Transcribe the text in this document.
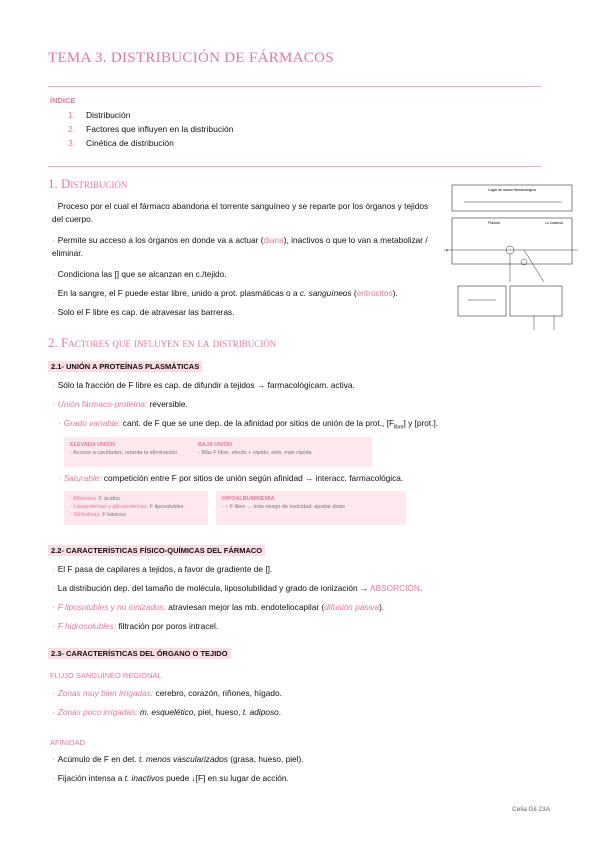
TEMA 3. DISTRIBUCIÓN DE FÁRMACOS
ÍNDICE
1. Distribución
2. Factores que influyen en la distribución
3. Cinética de distribución
1. Distribución
· Proceso por el cual el fármaco abandona el torrente sanguíneo y se reparte por los órganos y tejidos del cuerpo.
· Permite su acceso a los órganos en donde va a actuar (diana), inactivos o que lo van a metabolizar / eliminar.
· Condiciona las [] que se alcanzan en c./tejido.
· En la sangre, el F puede estar libre, unido a prot. plasmáticas o a c. sanguíneos (eritrocitos).
· Solo el F libre es cap. de atravesar las barreras.
Lugar de acción farmacológica
Plasma	Lu. Inactivos
F
2. Factores que influyen en la distribución
2.1- UNIÓN A PROTEÍNAS PLASMÁTICAS
· Sólo la fracción de F libre es cap. de difundir a tejidos → farmacológicam. activa.
· Unión fármaco-proteína: reversible.
· Grado variable: cant. de F que se une dep. de la afinidad por sitios de unión de la prot., $[F_{libre}]$ y [prot.].
ELEVADA UNIÓN
- Acceso a cavidades, retarda la eliminación
BAJA UNIÓN
- Más F libre, efecto + rápido, elim. más rápida
· Saturable: competición entre F por sitios de unión según afinidad → interacc. farmacológica.
- Albúmina: F ácidos
- Lipoproteínas y glicoproteínas: F liposolubles
- Globulinas: F básicos
HIPOALBUMINEMIA
- ↑ F libre → más riesgo de toxicidad, ajustar dosis
2.2- CARACTERÍSTICAS FÍSICO-QUÍMICAS DEL FÁRMACO
· El F pasa de capilares a tejidos, a favor de gradiente de [].
· La distribución dep. del tamaño de molécula, liposolubilidad y grado de ionización → ABSORCIÓN.
· F liposolubles y no ionizados: atraviesan mejor las mb. endoteliocapilar (difusión pasiva).
· F hidrosolubles: filtración por poros intracel.
2.3- CARACTERÍSTICAS DEL ÓRGANO O TEJIDO
FLUJO SANGUÍNEO REGIONAL
· Zonas muy bien irrigadas: cerebro, corazón, riñones, hígado.
· Zonas poco irrigadas: m. esquelético, piel, hueso, t. adiposo.
AFINIDAD
· Acúmulo de F en det. t. menos vascularizados (grasa, hueso, piel).
· Fijación intensa a t. inactivos puede ↓[F] en su lugar de acción.
Celia Gil 23A
